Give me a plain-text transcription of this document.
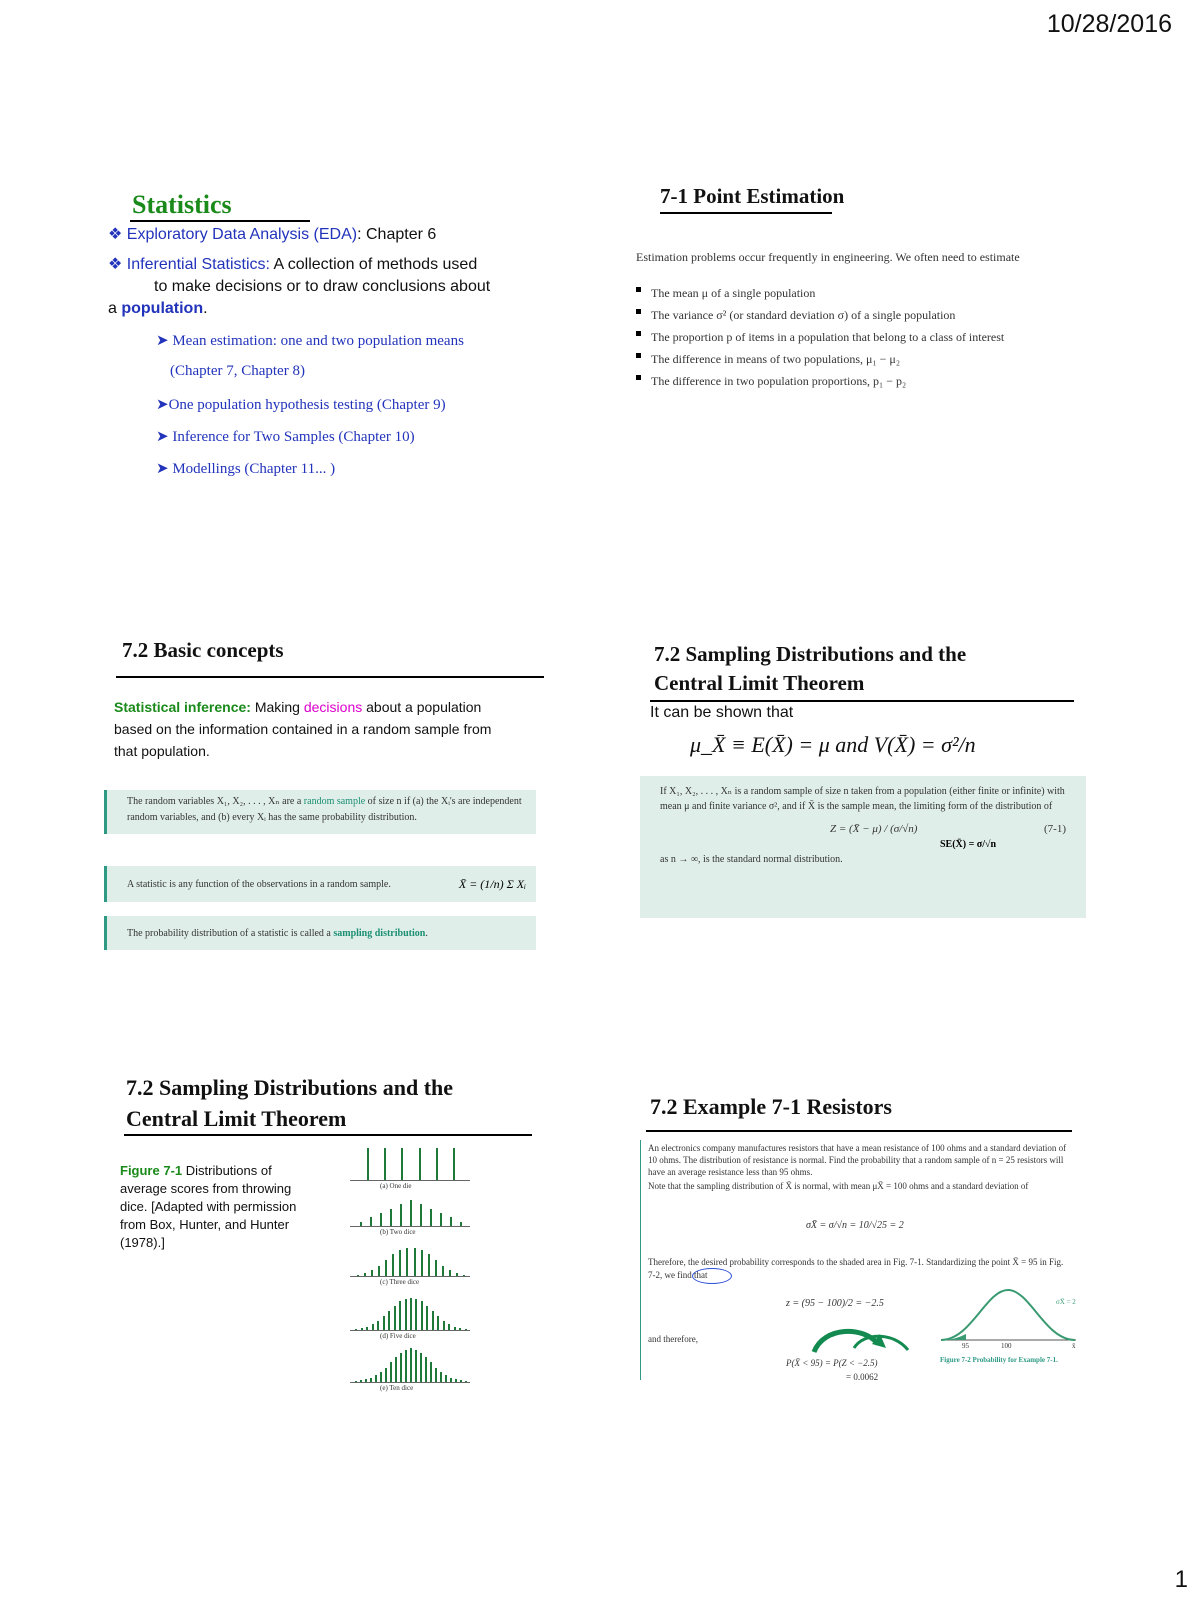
10/28/2016
1
Statistics
❖ Exploratory Data Analysis (EDA): Chapter 6
❖ Inferential Statistics: A collection of methods used
to make decisions or to draw conclusions about
a population.
➤ Mean estimation: one and two population means
(Chapter 7, Chapter 8)
➤One population hypothesis testing (Chapter 9)
➤ Inference for Two Samples (Chapter 10)
➤ Modellings (Chapter 11... )
7-1 Point Estimation
Estimation problems occur frequently in engineering. We often need to estimate
The mean μ of a single population
The variance σ² (or standard deviation σ) of a single population
The proportion p of items in a population that belong to a class of interest
The difference in means of two populations, μ₁ − μ₂
The difference in two population proportions, p₁ − p₂
7.2 Basic concepts
Statistical inference: Making decisions about a population based on the information contained in a random sample from that population.
The random variables X₁, X₂, . . . , Xₙ are a random sample of size n if (a) the Xᵢ's are independent random variables, and (b) every Xᵢ has the same probability distribution.
A statistic is any function of the observations in a random sample.	X̄ = (1/n) Σ Xᵢ
The probability distribution of a statistic is called a sampling distribution.
7.2 Sampling Distributions and the
Central Limit Theorem
It can be shown that
μ_X̄ ≡ E(X̄) = μ and V(X̄) = σ²/n
If X₁, X₂, . . . , Xₙ is a random sample of size n taken from a population (either finite or infinite) with mean μ and finite variance σ², and if X̄ is the sample mean, the limiting form of the distribution of
Z = (X̄ − μ) / (σ/√n)	(7-1)
SE(X̄) = σ/√n
as n → ∞, is the standard normal distribution.
7.2 Sampling Distributions and the
Central Limit Theorem
Figure 7-1 Distributions of average scores from throwing dice. [Adapted with permission from Box, Hunter, and Hunter (1978).]
(a) One die
(b) Two dice
(c) Three dice
(d) Five dice
(e) Ten dice
7.2 Example 7-1 Resistors
An electronics company manufactures resistors that have a mean resistance of 100 ohms and a standard deviation of 10 ohms. The distribution of resistance is normal. Find the probability that a random sample of n = 25 resistors will have an average resistance less than 95 ohms.
Note that the sampling distribution of X̄ is normal, with mean μX̄ = 100 ohms and a standard deviation of
σX̄ = σ/√n = 10/√25 = 2
Therefore, the desired probability corresponds to the shaded area in Fig. 7-1. Standardizing the point X̄ = 95 in Fig. 7-2, we find that
z = (95 − 100)/2 = −2.5
and therefore,
P(X̄ < 95) = P(Z < −2.5)
= 0.0062
σX̄ = 2
95	100	x̄
Figure 7-2 Probability for Example 7-1.
